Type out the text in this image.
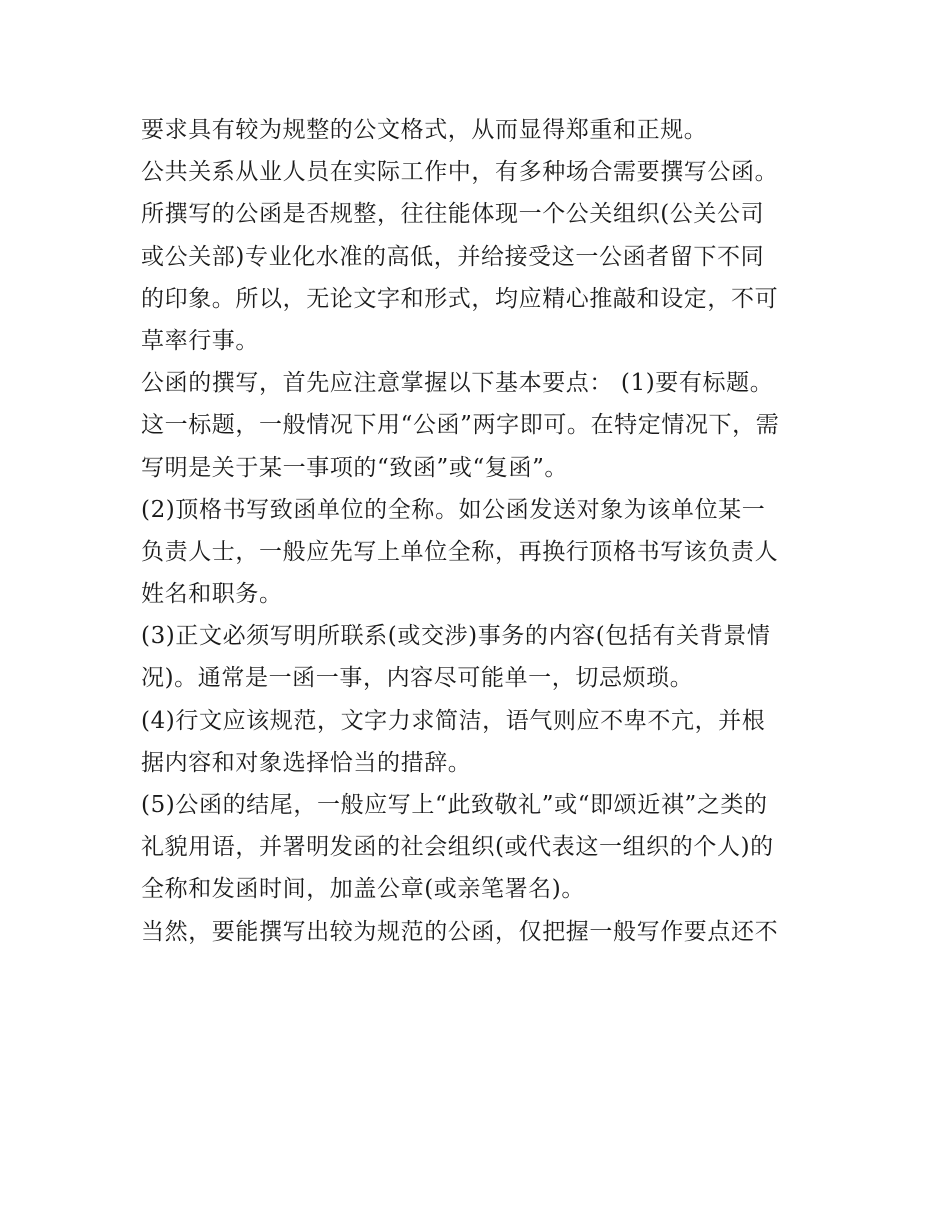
要求具有较为规整的公文格式，从而显得郑重和正规。
公共关系从业人员在实际工作中，有多种场合需要撰写公函。
所撰写的公函是否规整，往往能体现一个公关组织(公关公司
或公关部)专业化水准的高低，并给接受这一公函者留下不同
的印象。所以，无论文字和形式，均应精心推敲和设定，不可
草率行事。
公函的撰写，首先应注意掌握以下基本要点： (1)要有标题。
这一标题，一般情况下用“公函”两字即可。在特定情况下，需
写明是关于某一事项的“致函”或“复函”。
(2)顶格书写致函单位的全称。如公函发送对象为该单位某一
负责人士，一般应先写上单位全称，再换行顶格书写该负责人
姓名和职务。
(3)正文必须写明所联系(或交涉)事务的内容(包括有关背景情
况)。通常是一函一事，内容尽可能单一，切忌烦琐。
(4)行文应该规范，文字力求简洁，语气则应不卑不亢，并根
据内容和对象选择恰当的措辞。
(5)公函的结尾，一般应写上“此致敬礼”或“即颂近祺”之类的
礼貌用语，并署明发函的社会组织(或代表这一组织的个人)的
全称和发函时间，加盖公章(或亲笔署名)。
当然，要能撰写出较为规范的公函，仅把握一般写作要点还不
